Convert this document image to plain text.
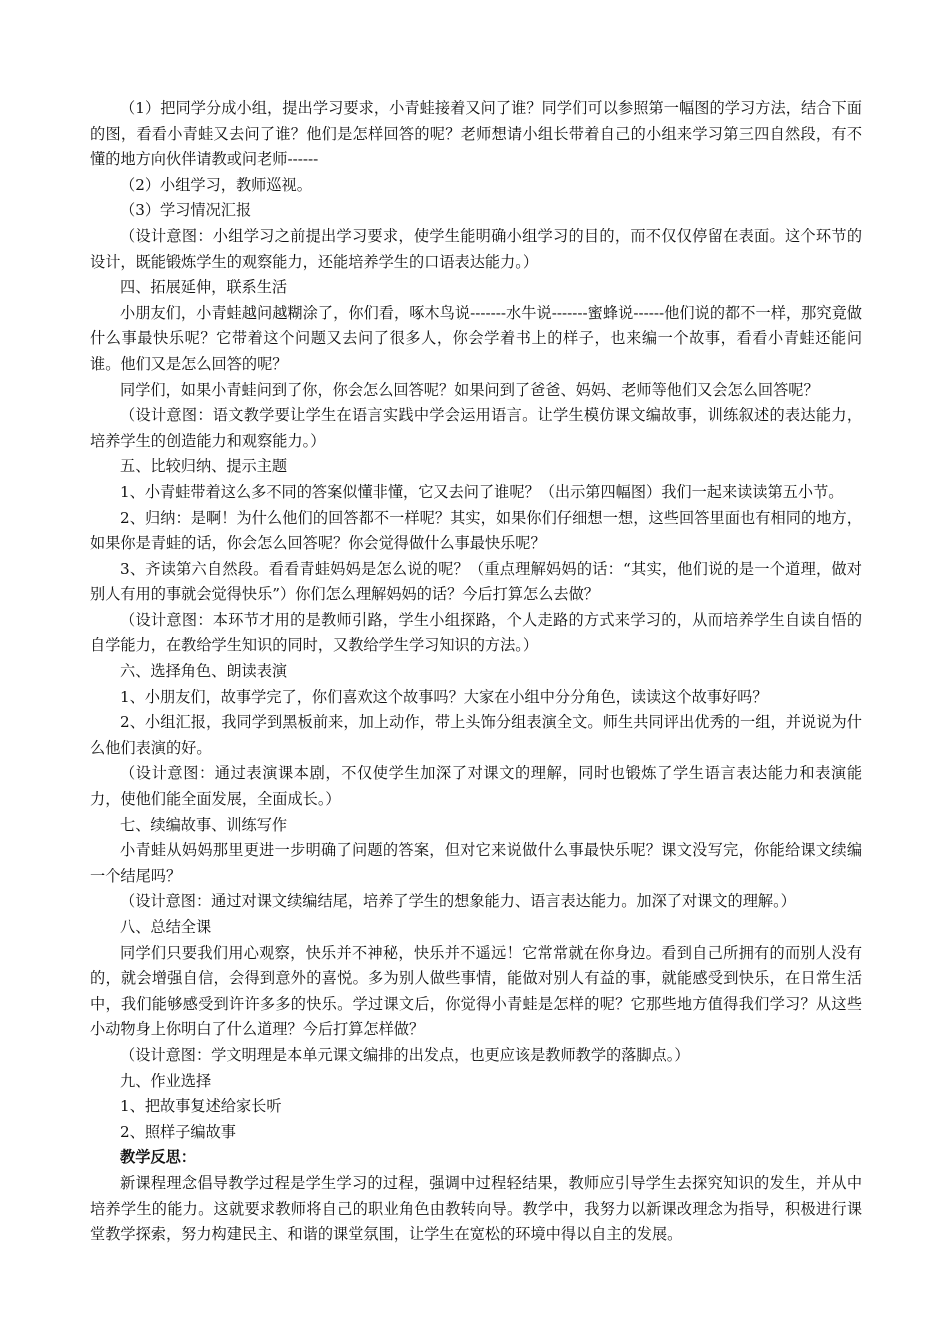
（1）把同学分成小组，提出学习要求，小青蛙接着又问了谁？同学们可以参照第一幅图的学习方法，结合下面的图，看看小青蛙又去问了谁？他们是怎样回答的呢？老师想请小组长带着自己的小组来学习第三四自然段，有不懂的地方向伙伴请教或问老师------

（2）小组学习，教师巡视。

（3）学习情况汇报

（设计意图：小组学习之前提出学习要求，使学生能明确小组学习的目的，而不仅仅停留在表面。这个环节的设计，既能锻炼学生的观察能力，还能培养学生的口语表达能力。）

四、拓展延伸，联系生活

小朋友们，小青蛙越问越糊涂了，你们看，啄木鸟说-------水牛说-------蜜蜂说------他们说的都不一样，那究竟做什么事最快乐呢？它带着这个问题又去问了很多人，你会学着书上的样子，也来编一个故事，看看小青蛙还能问谁。他们又是怎么回答的呢？

同学们，如果小青蛙问到了你，你会怎么回答呢？如果问到了爸爸、妈妈、老师等他们又会怎么回答呢？

（设计意图：语文教学要让学生在语言实践中学会运用语言。让学生模仿课文编故事，训练叙述的表达能力，培养学生的创造能力和观察能力。）

五、比较归纳、提示主题

1、小青蛙带着这么多不同的答案似懂非懂，它又去问了谁呢？（出示第四幅图）我们一起来读读第五小节。

2、归纳：是啊！为什么他们的回答都不一样呢？其实，如果你们仔细想一想，这些回答里面也有相同的地方，如果你是青蛙的话，你会怎么回答呢？你会觉得做什么事最快乐呢？

3、齐读第六自然段。看看青蛙妈妈是怎么说的呢？（重点理解妈妈的话：“其实，他们说的是一个道理，做对别人有用的事就会觉得快乐”）你们怎么理解妈妈的话？今后打算怎么去做？

（设计意图：本环节才用的是教师引路，学生小组探路，个人走路的方式来学习的，从而培养学生自读自悟的自学能力，在教给学生知识的同时，又教给学生学习知识的方法。）

六、选择角色、朗读表演

1、小朋友们，故事学完了，你们喜欢这个故事吗？大家在小组中分分角色，读读这个故事好吗？

2、小组汇报，我同学到黑板前来，加上动作，带上头饰分组表演全文。师生共同评出优秀的一组，并说说为什么他们表演的好。

（设计意图：通过表演课本剧，不仅使学生加深了对课文的理解，同时也锻炼了学生语言表达能力和表演能力，使他们能全面发展，全面成长。）

七、续编故事、训练写作

小青蛙从妈妈那里更进一步明确了问题的答案，但对它来说做什么事最快乐呢？课文没写完，你能给课文续编一个结尾吗？

（设计意图：通过对课文续编结尾，培养了学生的想象能力、语言表达能力。加深了对课文的理解。）

八、总结全课

同学们只要我们用心观察，快乐并不神秘，快乐并不遥远！它常常就在你身边。看到自己所拥有的而别人没有的，就会增强自信，会得到意外的喜悦。多为别人做些事情，能做对别人有益的事，就能感受到快乐，在日常生活中，我们能够感受到许许多多的快乐。学过课文后，你觉得小青蛙是怎样的呢？它那些地方值得我们学习？从这些小动物身上你明白了什么道理？今后打算怎样做？

（设计意图：学文明理是本单元课文编排的出发点，也更应该是教师教学的落脚点。）

九、作业选择

1、把故事复述给家长听

2、照样子编故事

教学反思：

新课程理念倡导教学过程是学生学习的过程，强调中过程轻结果，教师应引导学生去探究知识的发生，并从中培养学生的能力。这就要求教师将自己的职业角色由教转向导。教学中，我努力以新课改理念为指导，积极进行课堂教学探索，努力构建民主、和谐的课堂氛围，让学生在宽松的环境中得以自主的发展。
